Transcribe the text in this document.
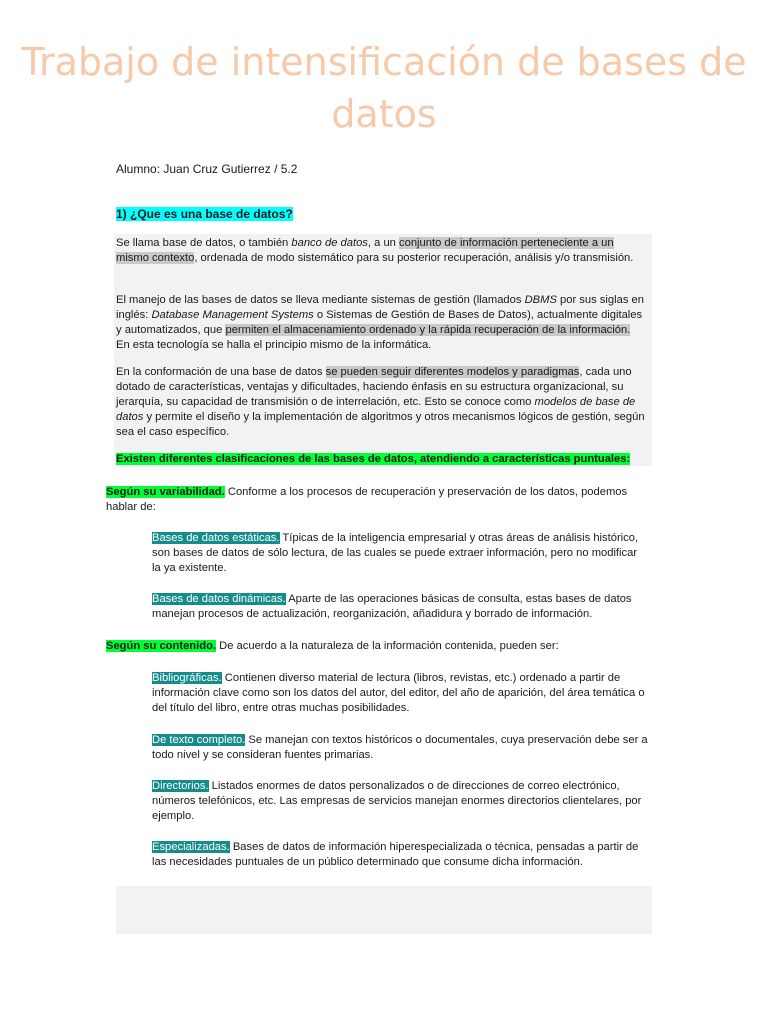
Trabajo de intensificación de bases de datos
Alumno: Juan Cruz Gutierrez / 5.2
1) ¿Que es una base de datos?
Se llama base de datos, o también banco de datos, a un conjunto de información perteneciente a un mismo contexto, ordenada de modo sistemático para su posterior recuperación, análisis y/o transmisión.
El manejo de las bases de datos se lleva mediante sistemas de gestión (llamados DBMS por sus siglas en inglés: Database Management Systems o Sistemas de Gestión de Bases de Datos), actualmente digitales y automatizados, que permiten el almacenamiento ordenado y la rápida recuperación de la información. En esta tecnología se halla el principio mismo de la informática.
En la conformación de una base de datos se pueden seguir diferentes modelos y paradigmas, cada uno dotado de características, ventajas y dificultades, haciendo énfasis en su estructura organizacional, su jerarquía, su capacidad de transmisión o de interrelación, etc. Esto se conoce como modelos de base de datos y permite el diseño y la implementación de algoritmos y otros mecanismos lógicos de gestión, según sea el caso específico.
Existen diferentes clasificaciones de las bases de datos, atendiendo a características puntuales:
Según su variabilidad. Conforme a los procesos de recuperación y preservación de los datos, podemos hablar de:
Bases de datos estáticas. Típicas de la inteligencia empresarial y otras áreas de análisis histórico, son bases de datos de sólo lectura, de las cuales se puede extraer información, pero no modificar la ya existente.
Bases de datos dinámicas. Aparte de las operaciones básicas de consulta, estas bases de datos manejan procesos de actualización, reorganización, añadidura y borrado de información.
Según su contenido. De acuerdo a la naturaleza de la información contenida, pueden ser:
Bibliográficas. Contienen diverso material de lectura (libros, revistas, etc.) ordenado a partir de información clave como son los datos del autor, del editor, del año de aparición, del área temática o del título del libro, entre otras muchas posibilidades.
De texto completo. Se manejan con textos históricos o documentales, cuya preservación debe ser a todo nivel y se consideran fuentes primarias.
Directorios. Listados enormes de datos personalizados o de direcciones de correo electrónico, números telefónicos, etc. Las empresas de servicios manejan enormes directorios clientelares, por ejemplo.
Especializadas. Bases de datos de información hiperespecializada o técnica, pensadas a partir de las necesidades puntuales de un público determinado que consume dicha información.
